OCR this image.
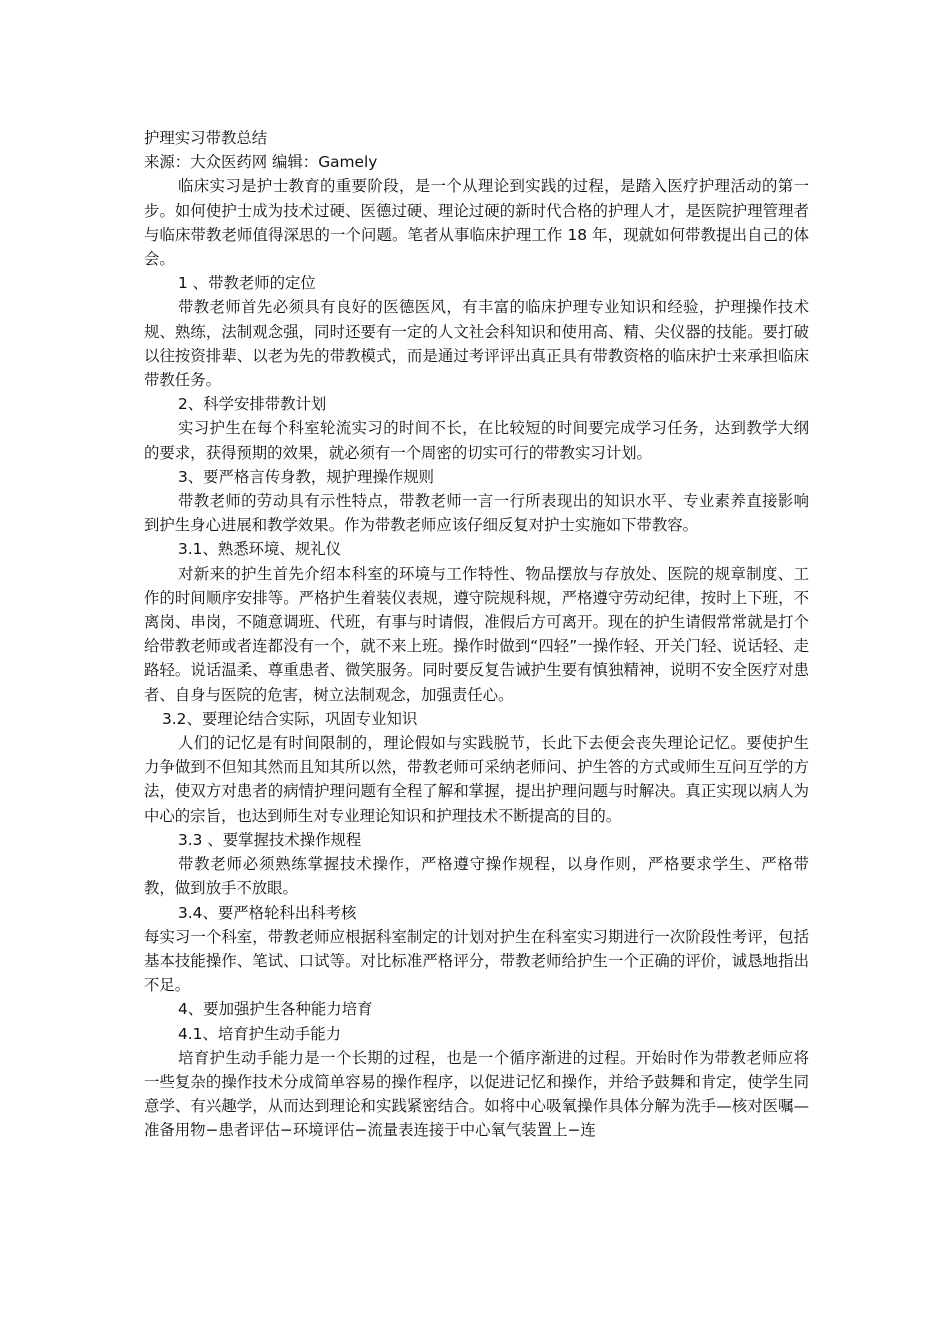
护理实习带教总结

来源：大众医药网 编辑：Gamely

临床实习是护士教育的重要阶段，是一个从理论到实践的过程，是踏入医疗护理活动的第一步。如何使护士成为技术过硬、医德过硬、理论过硬的新时代合格的护理人才，是医院护理管理者与临床带教老师值得深思的一个问题。笔者从事临床护理工作 18 年，现就如何带教提出自己的体会。

1 、带教老师的定位

带教老师首先必须具有良好的医德医风，有丰富的临床护理专业知识和经验，护理操作技术规、熟练，法制观念强，同时还要有一定的人文社会科知识和使用高、精、尖仪器的技能。要打破以往按资排辈、以老为先的带教模式，而是通过考评评出真正具有带教资格的临床护士来承担临床带教任务。

2、科学安排带教计划

实习护生在每个科室轮流实习的时间不长，在比较短的时间要完成学习任务，达到教学大纲的要求，获得预期的效果，就必须有一个周密的切实可行的带教实习计划。

3、要严格言传身教，规护理操作规则

带教老师的劳动具有示性特点，带教老师一言一行所表现出的知识水平、专业素养直接影响到护生身心进展和教学效果。作为带教老师应该仔细反复对护士实施如下带教容。

3.1、熟悉环境、规礼仪

对新来的护生首先介绍本科室的环境与工作特性、物品摆放与存放处、医院的规章制度、工作的时间顺序安排等。严格护生着装仪表规，遵守院规科规，严格遵守劳动纪律，按时上下班，不离岗、串岗，不随意调班、代班，有事与时请假，准假后方可离开。现在的护生请假常常就是打个给带教老师或者连都没有一个，就不来上班。操作时做到“四轻”一操作轻、开关门轻、说话轻、走路轻。说话温柔、尊重患者、微笑服务。同时要反复告诫护生要有慎独精神，说明不安全医疗对患者、自身与医院的危害，树立法制观念，加强责任心。

3.2、要理论结合实际，巩固专业知识

人们的记忆是有时间限制的，理论假如与实践脱节，长此下去便会丧失理论记忆。要使护生力争做到不但知其然而且知其所以然，带教老师可采纳老师问、护生答的方式或师生互问互学的方法，使双方对患者的病情护理问题有全程了解和掌握，提出护理问题与时解决。真正实现以病人为中心的宗旨，也达到师生对专业理论知识和护理技术不断提高的目的。

3.3 、要掌握技术操作规程

带教老师必须熟练掌握技术操作，严格遵守操作规程，以身作则，严格要求学生、严格带教，做到放手不放眼。

3.4、要严格轮科出科考核

每实习一个科室，带教老师应根据科室制定的计划对护生在科室实习期进行一次阶段性考评，包括基本技能操作、笔试、口试等。对比标准严格评分，带教老师给护生一个正确的评价，诚恳地指出不足。

4、要加强护生各种能力培育

4.1、培育护生动手能力

培育护生动手能力是一个长期的过程，也是一个循序渐进的过程。开始时作为带教老师应将一些复杂的操作技术分成简单容易的操作程序，以促进记忆和操作，并给予鼓舞和肯定，使学生同意学、有兴趣学，从而达到理论和实践紧密结合。如将中心吸氧操作具体分解为洗手—核对医嘱—准备用物−患者评估−环境评估−流量表连接于中心氧气装置上−连
